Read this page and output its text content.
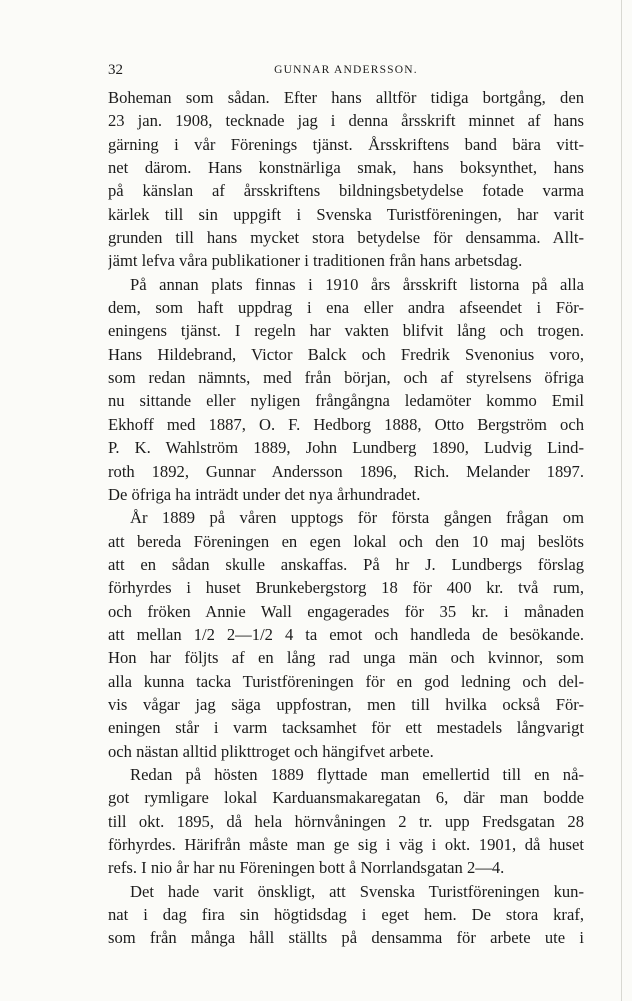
32	GUNNAR ANDERSSON.
Boheman som sådan. Efter hans alltför tidiga bortgång, den
23 jan. 1908, tecknade jag i denna årsskrift minnet af hans
gärning i vår Förenings tjänst. Årsskriftens band bära vitt-
net därom. Hans konstnärliga smak, hans boksynthet, hans
på känslan af årsskriftens bildningsbetydelse fotade varma
kärlek till sin uppgift i Svenska Turistföreningen, har varit
grunden till hans mycket stora betydelse för densamma. Allt-
jämt lefva våra publikationer i traditionen från hans arbetsdag.
På annan plats finnas i 1910 års årsskrift listorna på alla
dem, som haft uppdrag i ena eller andra afseendet i För-
eningens tjänst. I regeln har vakten blifvit lång och trogen.
Hans Hildebrand, Victor Balck och Fredrik Svenonius voro,
som redan nämnts, med från början, och af styrelsens öfriga
nu sittande eller nyligen frångångna ledamöter kommo Emil
Ekhoff med 1887, O. F. Hedborg 1888, Otto Bergström och
P. K. Wahlström 1889, John Lundberg 1890, Ludvig Lind-
roth 1892, Gunnar Andersson 1896, Rich. Melander 1897.
De öfriga ha inträdt under det nya århundradet.
År 1889 på våren upptogs för första gången frågan om
att bereda Föreningen en egen lokal och den 10 maj beslöts
att en sådan skulle anskaffas. På hr J. Lundbergs förslag
förhyrdes i huset Brunkebergstorg 18 för 400 kr. två rum,
och fröken Annie Wall engagerades för 35 kr. i månaden
att mellan 1/2 2—1/2 4 ta emot och handleda de besökande.
Hon har följts af en lång rad unga män och kvinnor, som
alla kunna tacka Turistföreningen för en god ledning och del-
vis vågar jag säga uppfostran, men till hvilka också För-
eningen står i varm tacksamhet för ett mestadels långvarigt
och nästan alltid plikttroget och hängifvet arbete.
Redan på hösten 1889 flyttade man emellertid till en nå-
got rymligare lokal Karduansmakaregatan 6, där man bodde
till okt. 1895, då hela hörnvåningen 2 tr. upp Fredsgatan 28
förhyrdes. Härifrån måste man ge sig i väg i okt. 1901, då huset
refs. I nio år har nu Föreningen bott å Norrlandsgatan 2—4.
Det hade varit önskligt, att Svenska Turistföreningen kun-
nat i dag fira sin högtidsdag i eget hem. De stora kraf,
som från många håll ställts på densamma för arbete ute i
